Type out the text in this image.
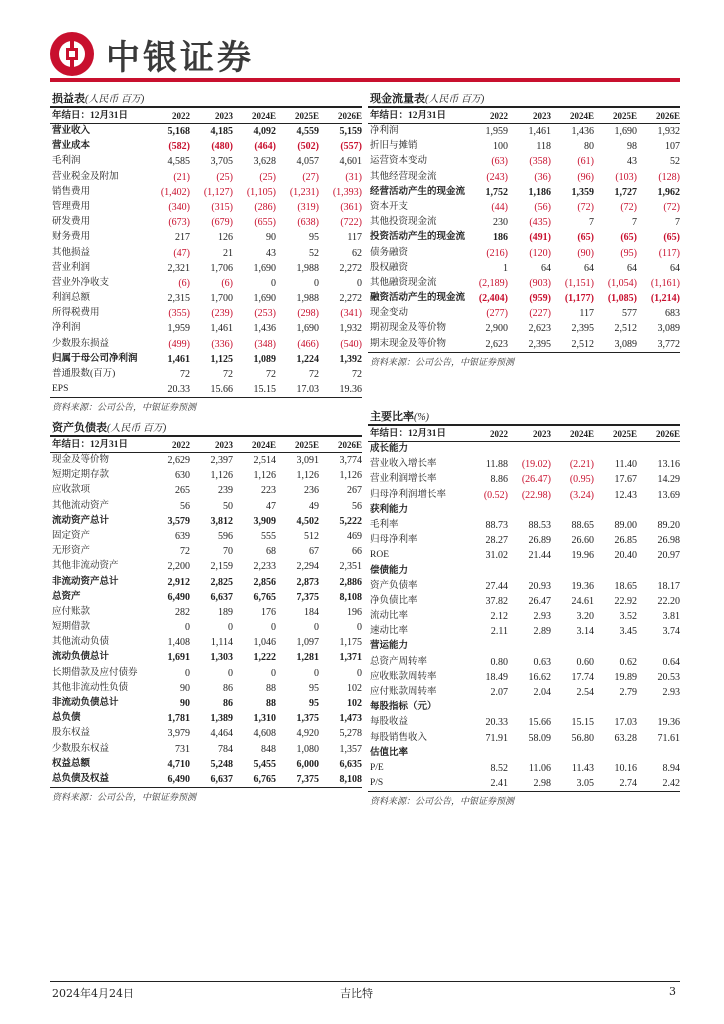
中银证券
损益表(人民币 百万)
年结日：12月31日	2022	2023	2024E	2025E	2026E
营业收入	5,168	4,185	4,092	4,559	5,159
营业成本	(582)	(480)	(464)	(502)	(557)
毛利润	4,585	3,705	3,628	4,057	4,601
营业税金及附加	(21)	(25)	(25)	(27)	(31)
销售费用	(1,402)	(1,127)	(1,105)	(1,231)	(1,393)
管理费用	(340)	(315)	(286)	(319)	(361)
研发费用	(673)	(679)	(655)	(638)	(722)
财务费用	217	126	90	95	117
其他损益	(47)	21	43	52	62
营业利润	2,321	1,706	1,690	1,988	2,272
营业外净收支	(6)	(6)	0	0	0
利润总额	2,315	1,700	1,690	1,988	2,272
所得税费用	(355)	(239)	(253)	(298)	(341)
净利润	1,959	1,461	1,436	1,690	1,932
少数股东损益	(499)	(336)	(348)	(466)	(540)
归属于母公司净利润	1,461	1,125	1,089	1,224	1,392
普通股数(百万)	72	72	72	72	72
EPS	20.33	15.66	15.15	17.03	19.36
资料来源：公司公告，中银证券预测
资产负债表(人民币 百万)
年结日：12月31日	2022	2023	2024E	2025E	2026E
现金及等价物	2,629	2,397	2,514	3,091	3,774
短期定期存款	630	1,126	1,126	1,126	1,126
应收款项	265	239	223	236	267
其他流动资产	56	50	47	49	56
流动资产总计	3,579	3,812	3,909	4,502	5,222
固定资产	639	596	555	512	469
无形资产	72	70	68	67	66
其他非流动资产	2,200	2,159	2,233	2,294	2,351
非流动资产总计	2,912	2,825	2,856	2,873	2,886
总资产	6,490	6,637	6,765	7,375	8,108
应付账款	282	189	176	184	196
短期借款	0	0	0	0	0
其他流动负债	1,408	1,114	1,046	1,097	1,175
流动负债总计	1,691	1,303	1,222	1,281	1,371
长期借款及应付债券	0	0	0	0	0
其他非流动性负债	90	86	88	95	102
非流动负债总计	90	86	88	95	102
总负债	1,781	1,389	1,310	1,375	1,473
股东权益	3,979	4,464	4,608	4,920	5,278
少数股东权益	731	784	848	1,080	1,357
权益总额	4,710	5,248	5,455	6,000	6,635
总负债及权益	6,490	6,637	6,765	7,375	8,108
资料来源：公司公告，中银证券预测
现金流量表(人民币 百万)
年结日：12月31日	2022	2023	2024E	2025E	2026E
净利润	1,959	1,461	1,436	1,690	1,932
折旧与摊销	100	118	80	98	107
运营资本变动	(63)	(358)	(61)	43	52
其他经营现金流	(243)	(36)	(96)	(103)	(128)
经营活动产生的现金流	1,752	1,186	1,359	1,727	1,962
资本开支	(44)	(56)	(72)	(72)	(72)
其他投资现金流	230	(435)	7	7	7
投资活动产生的现金流	186	(491)	(65)	(65)	(65)
债务融资	(216)	(120)	(90)	(95)	(117)
股权融资	1	64	64	64	64
其他融资现金流	(2,189)	(903)	(1,151)	(1,054)	(1,161)
融资活动产生的现金流	(2,404)	(959)	(1,177)	(1,085)	(1,214)
现金变动	(277)	(227)	117	577	683
期初现金及等价物	2,900	2,623	2,395	2,512	3,089
期末现金及等价物	2,623	2,395	2,512	3,089	3,772
资料来源：公司公告，中银证券预测
主要比率(%)
年结日：12月31日	2022	2023	2024E	2025E	2026E
成长能力
营业收入增长率	11.88	(19.02)	(2.21)	11.40	13.16
营业利润增长率	8.86	(26.47)	(0.95)	17.67	14.29
归母净利润增长率	(0.52)	(22.98)	(3.24)	12.43	13.69
获利能力
毛利率	88.73	88.53	88.65	89.00	89.20
归母净利率	28.27	26.89	26.60	26.85	26.98
ROE	31.02	21.44	19.96	20.40	20.97
偿债能力
资产负债率	27.44	20.93	19.36	18.65	18.17
净负债比率	37.82	26.47	24.61	22.92	22.20
流动比率	2.12	2.93	3.20	3.52	3.81
速动比率	2.11	2.89	3.14	3.45	3.74
营运能力
总资产周转率	0.80	0.63	0.60	0.62	0.64
应收账款周转率	18.49	16.62	17.74	19.89	20.53
应付账款周转率	2.07	2.04	2.54	2.79	2.93
每股指标（元）
每股收益	20.33	15.66	15.15	17.03	19.36
每股销售收入	71.91	58.09	56.80	63.28	71.61
估值比率
P/E	8.52	11.06	11.43	10.16	8.94
P/S	2.41	2.98	3.05	2.74	2.42
资料来源：公司公告，中银证券预测
2024年4月24日	吉比特	3
